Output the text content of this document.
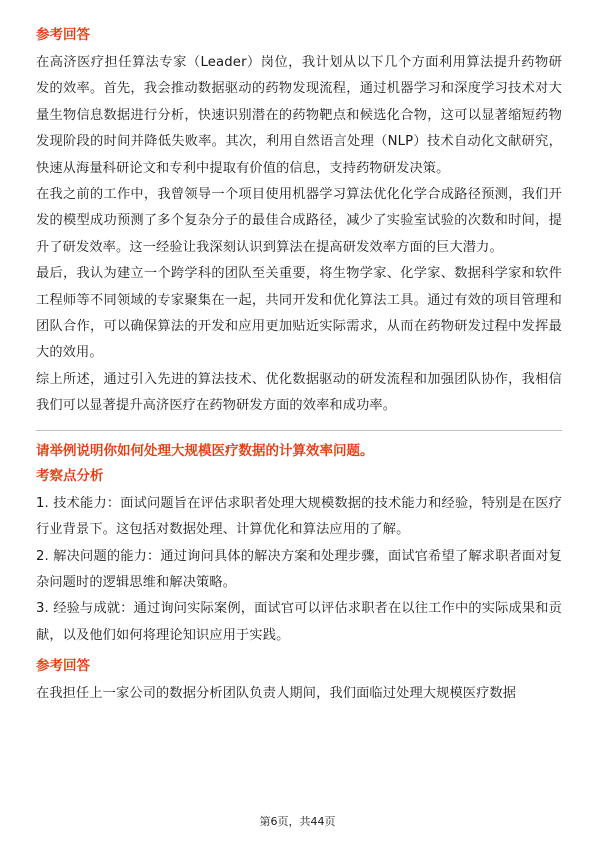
参考回答

在高济医疗担任算法专家（Leader）岗位，我计划从以下几个方面利用算法提升药物研发的效率。首先，我会推动数据驱动的药物发现流程，通过机器学习和深度学习技术对大量生物信息数据进行分析，快速识别潜在的药物靶点和候选化合物，这可以显著缩短药物发现阶段的时间并降低失败率。其次，利用自然语言处理（NLP）技术自动化文献研究，快速从海量科研论文和专利中提取有价值的信息，支持药物研发决策。

在我之前的工作中，我曾领导一个项目使用机器学习算法优化化学合成路径预测，我们开发的模型成功预测了多个复杂分子的最佳合成路径，减少了实验室试验的次数和时间，提升了研发效率。这一经验让我深刻认识到算法在提高研发效率方面的巨大潜力。

最后，我认为建立一个跨学科的团队至关重要，将生物学家、化学家、数据科学家和软件工程师等不同领域的专家聚集在一起，共同开发和优化算法工具。通过有效的项目管理和团队合作，可以确保算法的开发和应用更加贴近实际需求，从而在药物研发过程中发挥最大的效用。

综上所述，通过引入先进的算法技术、优化数据驱动的研发流程和加强团队协作，我相信我们可以显著提升高济医疗在药物研发方面的效率和成功率。

请举例说明你如何处理大规模医疗数据的计算效率问题。
考察点分析

1. 技术能力：面试问题旨在评估求职者处理大规模数据的技术能力和经验，特别是在医疗行业背景下。这包括对数据处理、计算优化和算法应用的了解。

2. 解决问题的能力：通过询问具体的解决方案和处理步骤，面试官希望了解求职者面对复杂问题时的逻辑思维和解决策略。

3. 经验与成就：通过询问实际案例，面试官可以评估求职者在以往工作中的实际成果和贡献，以及他们如何将理论知识应用于实践。

参考回答

在我担任上一家公司的数据分析团队负责人期间，我们面临过处理大规模医疗数据

第6页，共44页
